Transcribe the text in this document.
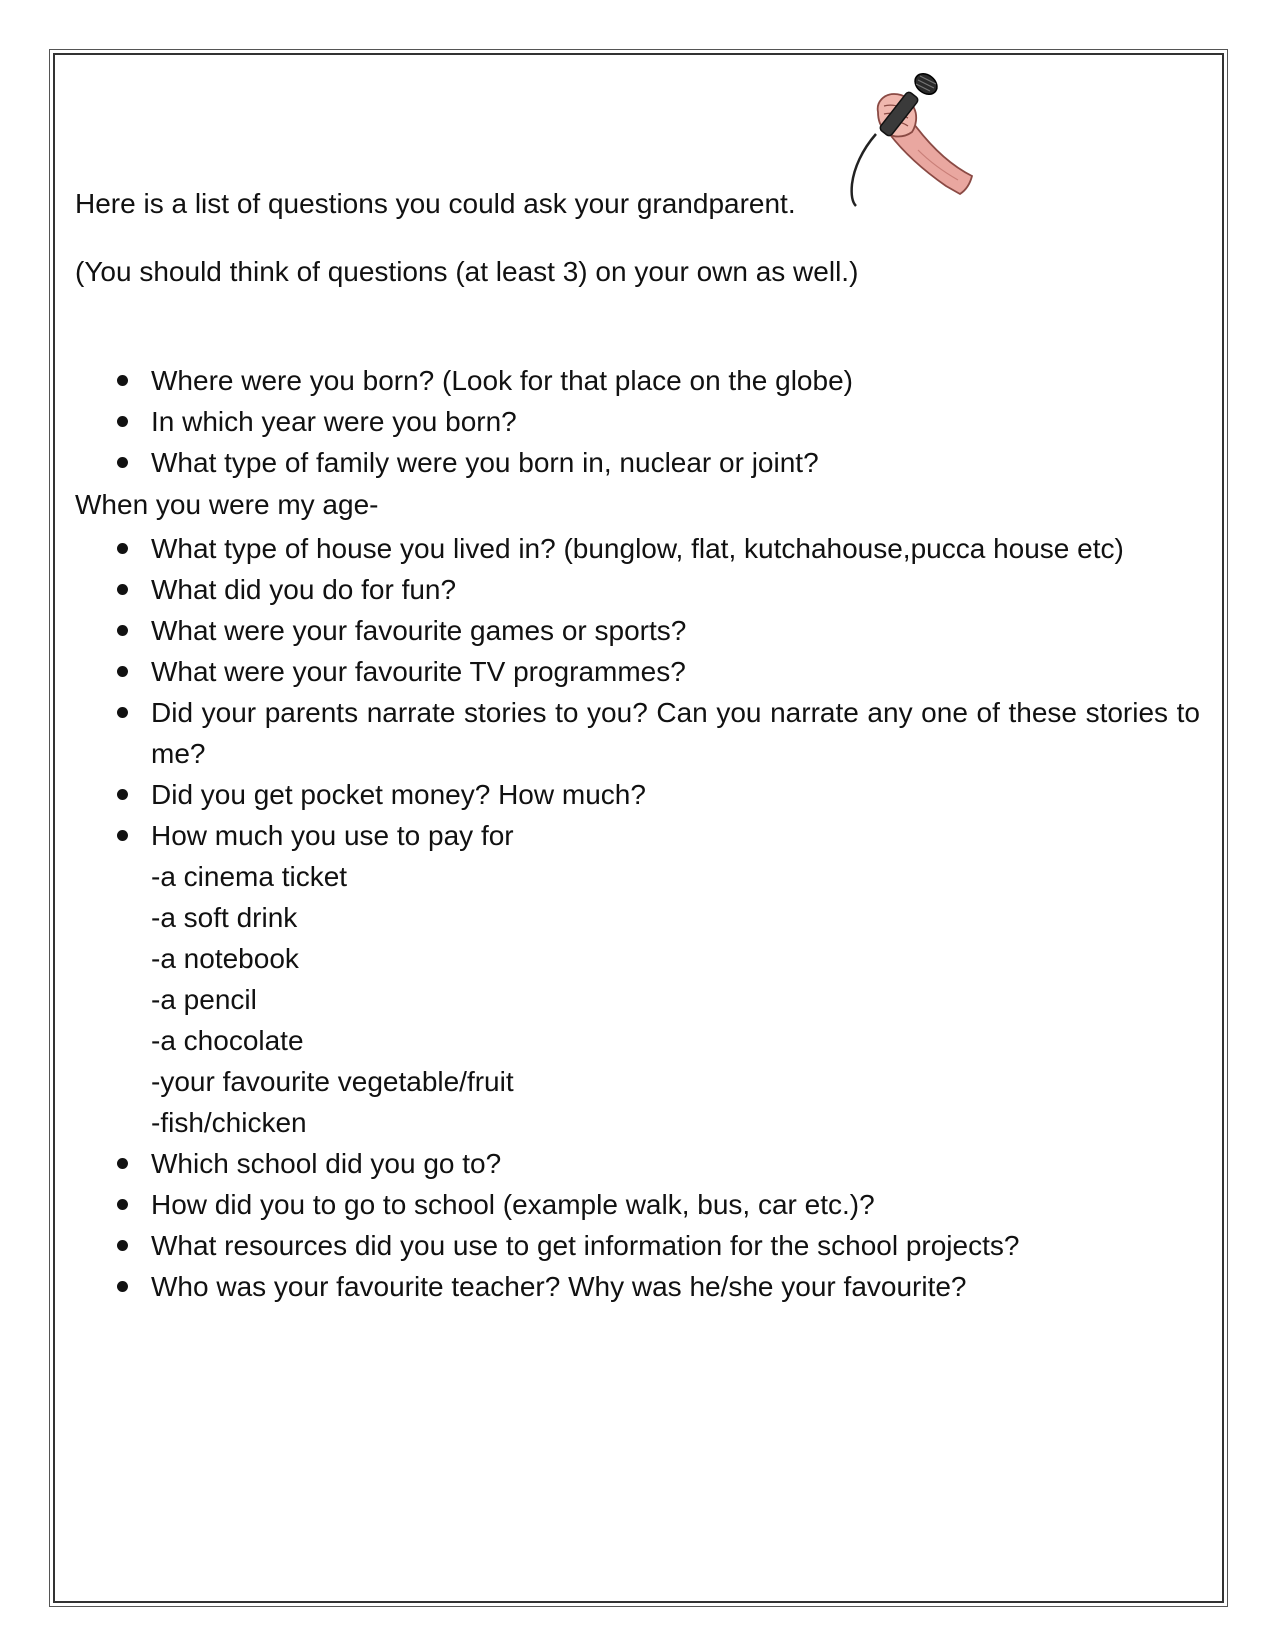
Here is a list of questions you could ask your grandparent.
(You should think of questions (at least 3) on your own as well.)
Where were you born? (Look for that place on the globe)
In which year were you born?
What type of family were you born in, nuclear or joint?
When you were my age-
What type of house you lived in? (bunglow, flat, kutchahouse,pucca house etc)
What did you do for fun?
What were your favourite games or sports?
What were your favourite TV programmes?
Did your parents narrate stories to you? Can you narrate any one of these stories to me?
Did you get pocket money? How much?
How much you use to pay for
-a cinema ticket
-a soft drink
-a notebook
-a pencil
-a chocolate
-your favourite vegetable/fruit
-fish/chicken
Which school did you go to?
How did you to go to school (example walk, bus, car etc.)?
What resources did you use to get information for the school projects?
Who was your favourite teacher? Why was he/she your favourite?
